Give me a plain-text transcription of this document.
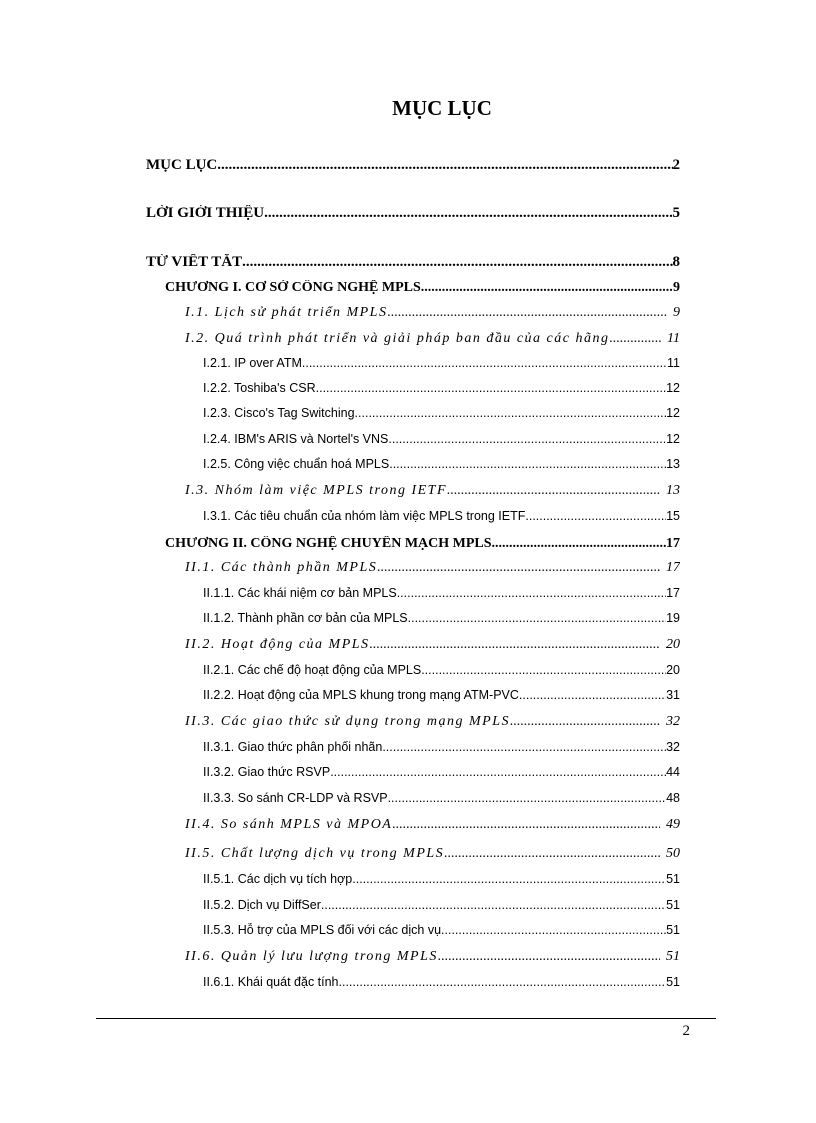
MỤC LỤC
MỤC LỤC .....	2
LỜI GIỚI THIỆU .....	5
TỪ VIẾT TẮT .....	8
CHƯƠNG I. CƠ SỞ CÔNG NGHỆ MPLS .....	9
I.1. Lịch sử phát triển MPLS .....	9
I.2. Quá trình phát triển và giải pháp ban đầu của các hãng .....	11
I.2.1. IP over ATM .....	11
I.2.2. Toshiba's CSR .....	12
I.2.3. Cisco's Tag Switching .....	12
I.2.4. IBM's ARIS và Nortel's VNS .....	12
I.2.5. Công việc chuẩn hoá MPLS .....	13
I.3. Nhóm làm việc MPLS trong IETF .....	13
I.3.1. Các tiêu chuẩn của nhóm làm việc MPLS trong IETF .....	15
CHƯƠNG II. CÔNG NGHỆ CHUYỂN MẠCH MPLS .....	17
II.1. Các thành phần MPLS .....	17
II.1.1. Các khái niệm cơ bản MPLS .....	17
II.1.2. Thành phần cơ bản của MPLS .....	19
II.2. Hoạt động của MPLS .....	20
II.2.1. Các chế độ hoạt động của MPLS .....	20
II.2.2. Hoạt động của MPLS khung trong mạng ATM-PVC .....	31
II.3. Các giao thức sử dụng trong mạng MPLS .....	32
II.3.1. Giao thức phân phối nhãn .....	32
II.3.2. Giao thức RSVP .....	44
II.3.3. So sánh CR-LDP và RSVP .....	48
II.4. So sánh MPLS và MPOA .....	49
II.5. Chất lượng dịch vụ trong MPLS .....	50
II.5.1. Các dịch vụ tích hợp .....	51
II.5.2. Dịch vụ DiffSer .....	51
II.5.3. Hỗ trợ của MPLS đối với các dịch vụ .....	51
II.6. Quản lý lưu lượng trong MPLS .....	51
II.6.1. Khái quát đặc tính .....	51
2
